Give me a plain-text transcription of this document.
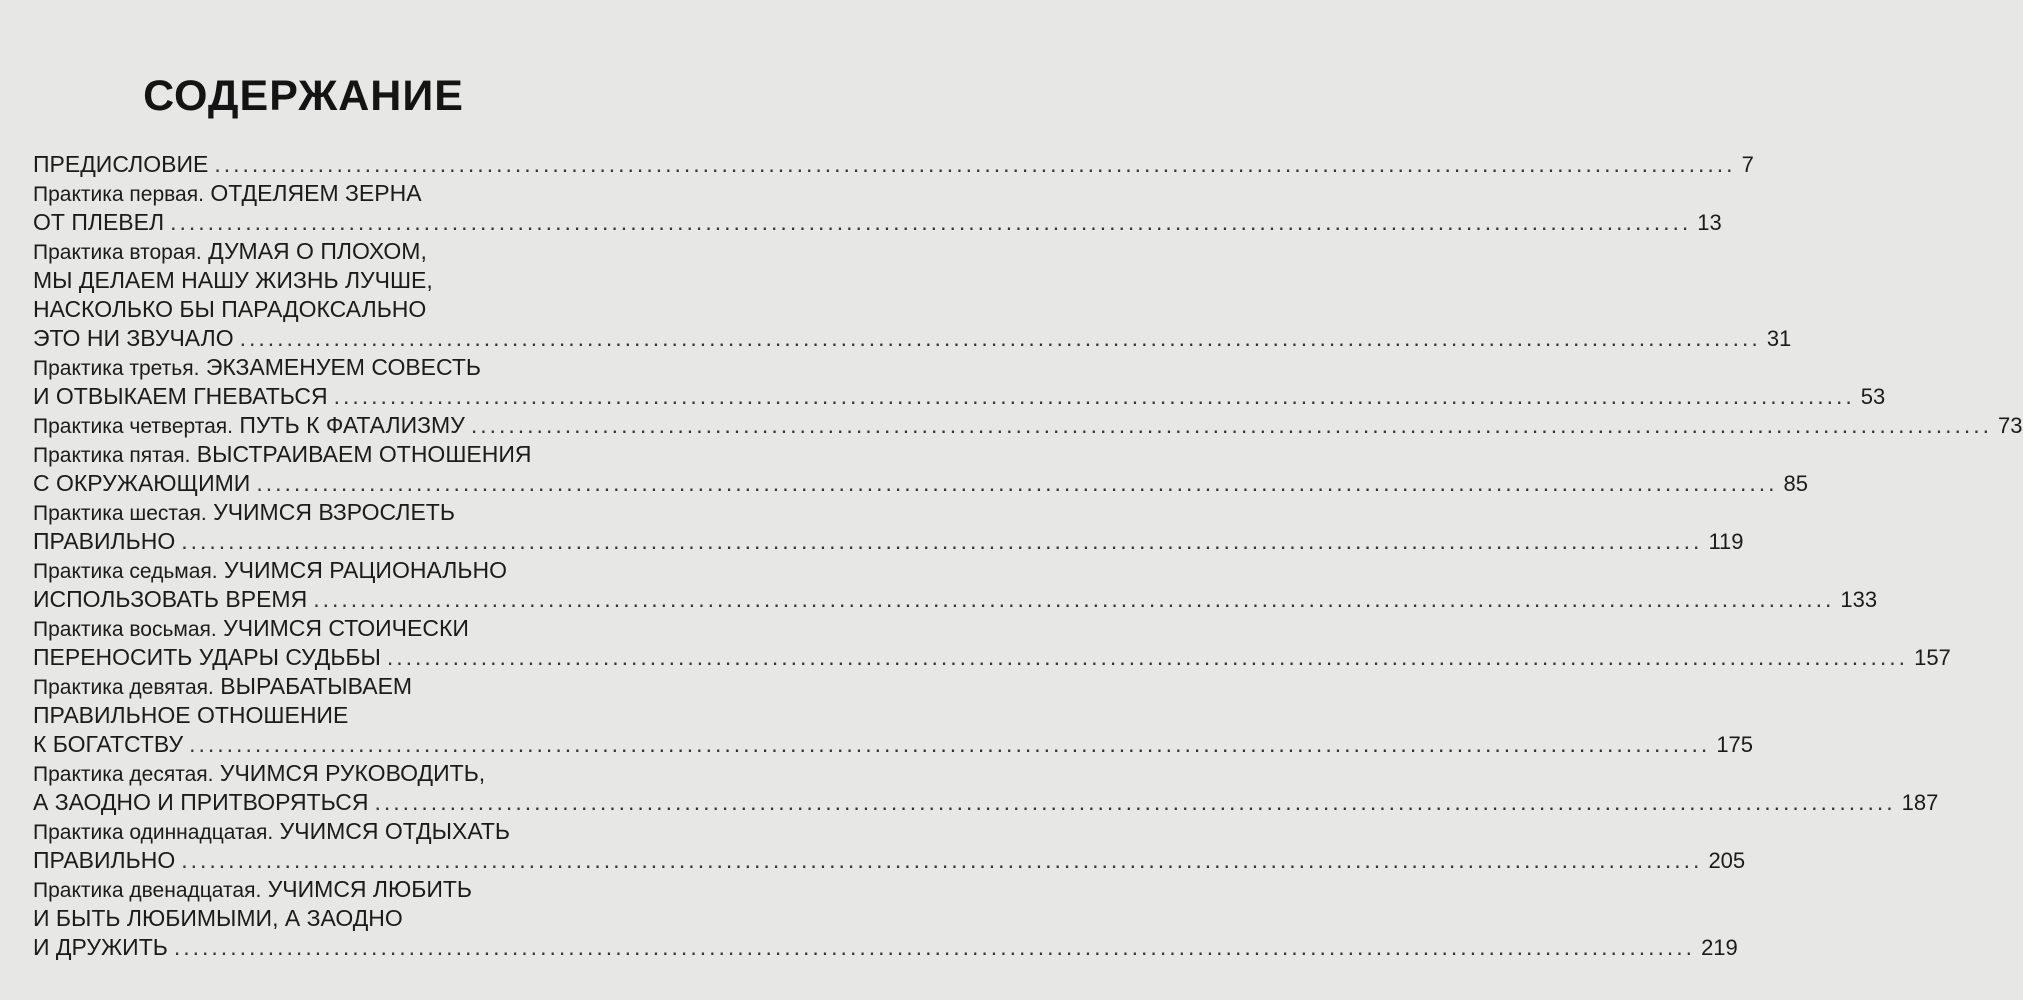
СОДЕРЖАНИЕ
ПРЕДИСЛОВИЕ .................................................................................................................................................................. 7
Практика первая. ОТДЕЛЯЕМ ЗЕРНА
ОТ ПЛЕВЕЛ .................................................................................................................................................................. 13
Практика вторая. ДУМАЯ О ПЛОХОМ,
МЫ ДЕЛАЕМ НАШУ ЖИЗНЬ ЛУЧШЕ,
НАСКОЛЬКО БЫ ПАРАДОКСАЛЬНО
ЭТО НИ ЗВУЧАЛО .................................................................................................................................................................. 31
Практика третья. ЭКЗАМЕНУЕМ СОВЕСТЬ
И ОТВЫКАЕМ ГНЕВАТЬСЯ .................................................................................................................................................................. 53
Практика четвертая. ПУТЬ К ФАТАЛИЗМУ .................................................................................................................................................................. 73
Практика пятая. ВЫСТРАИВАЕМ ОТНОШЕНИЯ
С ОКРУЖАЮЩИМИ .................................................................................................................................................................. 85
Практика шестая. УЧИМСЯ ВЗРОСЛЕТЬ
ПРАВИЛЬНО .................................................................................................................................................................. 119
Практика седьмая. УЧИМСЯ РАЦИОНАЛЬНО
ИСПОЛЬЗОВАТЬ ВРЕМЯ .................................................................................................................................................................. 133
Практика восьмая. УЧИМСЯ СТОИЧЕСКИ
ПЕРЕНОСИТЬ УДАРЫ СУДЬБЫ .................................................................................................................................................................. 157
Практика девятая. ВЫРАБАТЫВАЕМ
ПРАВИЛЬНОЕ ОТНОШЕНИЕ
К БОГАТСТВУ .................................................................................................................................................................. 175
Практика десятая. УЧИМСЯ РУКОВОДИТЬ,
А ЗАОДНО И ПРИТВОРЯТЬСЯ .................................................................................................................................................................. 187
Практика одиннадцатая. УЧИМСЯ ОТДЫХАТЬ
ПРАВИЛЬНО .................................................................................................................................................................. 205
Практика двенадцатая. УЧИМСЯ ЛЮБИТЬ
И БЫТЬ ЛЮБИМЫМИ, А ЗАОДНО
И ДРУЖИТЬ .................................................................................................................................................................. 219
